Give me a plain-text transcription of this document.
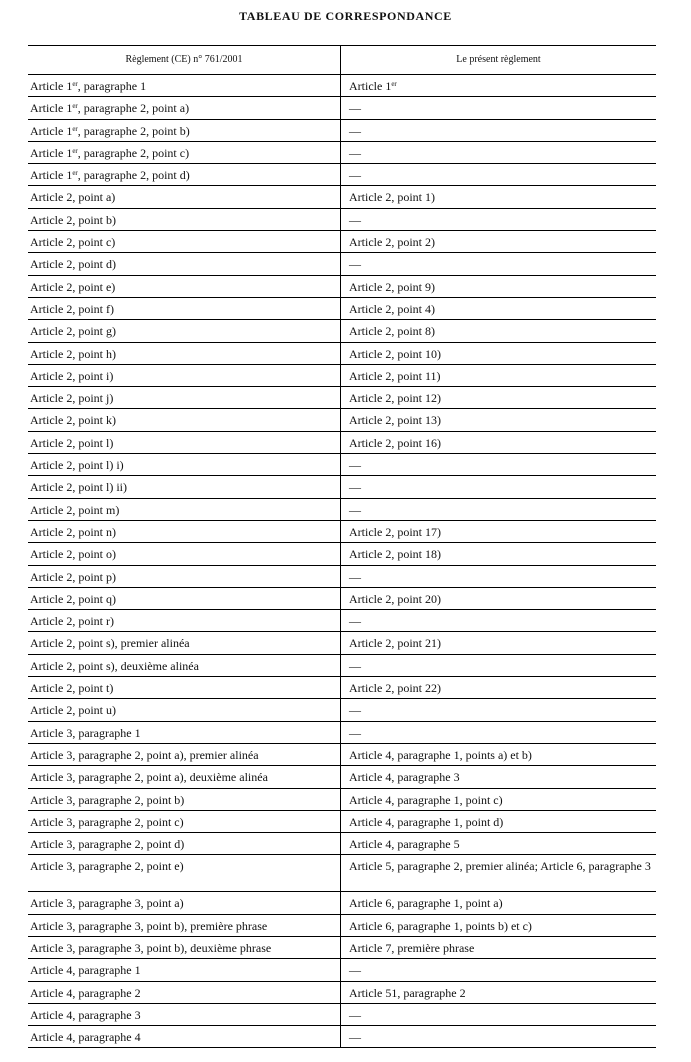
TABLEAU DE CORRESPONDANCE
Règlement (CE) n° 761/2001	Le présent règlement
Article 1er, paragraphe 1	Article 1er
Article 1er, paragraphe 2, point a)	—
Article 1er, paragraphe 2, point b)	—
Article 1er, paragraphe 2, point c)	—
Article 1er, paragraphe 2, point d)	—
Article 2, point a)	Article 2, point 1)
Article 2, point b)	—
Article 2, point c)	Article 2, point 2)
Article 2, point d)	—
Article 2, point e)	Article 2, point 9)
Article 2, point f)	Article 2, point 4)
Article 2, point g)	Article 2, point 8)
Article 2, point h)	Article 2, point 10)
Article 2, point i)	Article 2, point 11)
Article 2, point j)	Article 2, point 12)
Article 2, point k)	Article 2, point 13)
Article 2, point l)	Article 2, point 16)
Article 2, point l) i)	—
Article 2, point l) ii)	—
Article 2, point m)	—
Article 2, point n)	Article 2, point 17)
Article 2, point o)	Article 2, point 18)
Article 2, point p)	—
Article 2, point q)	Article 2, point 20)
Article 2, point r)	—
Article 2, point s), premier alinéa	Article 2, point 21)
Article 2, point s), deuxième alinéa	—
Article 2, point t)	Article 2, point 22)
Article 2, point u)	—
Article 3, paragraphe 1	—
Article 3, paragraphe 2, point a), premier alinéa	Article 4, paragraphe 1, points a) et b)
Article 3, paragraphe 2, point a), deuxième alinéa	Article 4, paragraphe 3
Article 3, paragraphe 2, point b)	Article 4, paragraphe 1, point c)
Article 3, paragraphe 2, point c)	Article 4, paragraphe 1, point d)
Article 3, paragraphe 2, point d)	Article 4, paragraphe 5
Article 3, paragraphe 2, point e)	Article 5, paragraphe 2, premier alinéa; Article 6, paragraphe 3
Article 3, paragraphe 3, point a)	Article 6, paragraphe 1, point a)
Article 3, paragraphe 3, point b), première phrase	Article 6, paragraphe 1, points b) et c)
Article 3, paragraphe 3, point b), deuxième phrase	Article 7, première phrase
Article 4, paragraphe 1	—
Article 4, paragraphe 2	Article 51, paragraphe 2
Article 4, paragraphe 3	—
Article 4, paragraphe 4	—
